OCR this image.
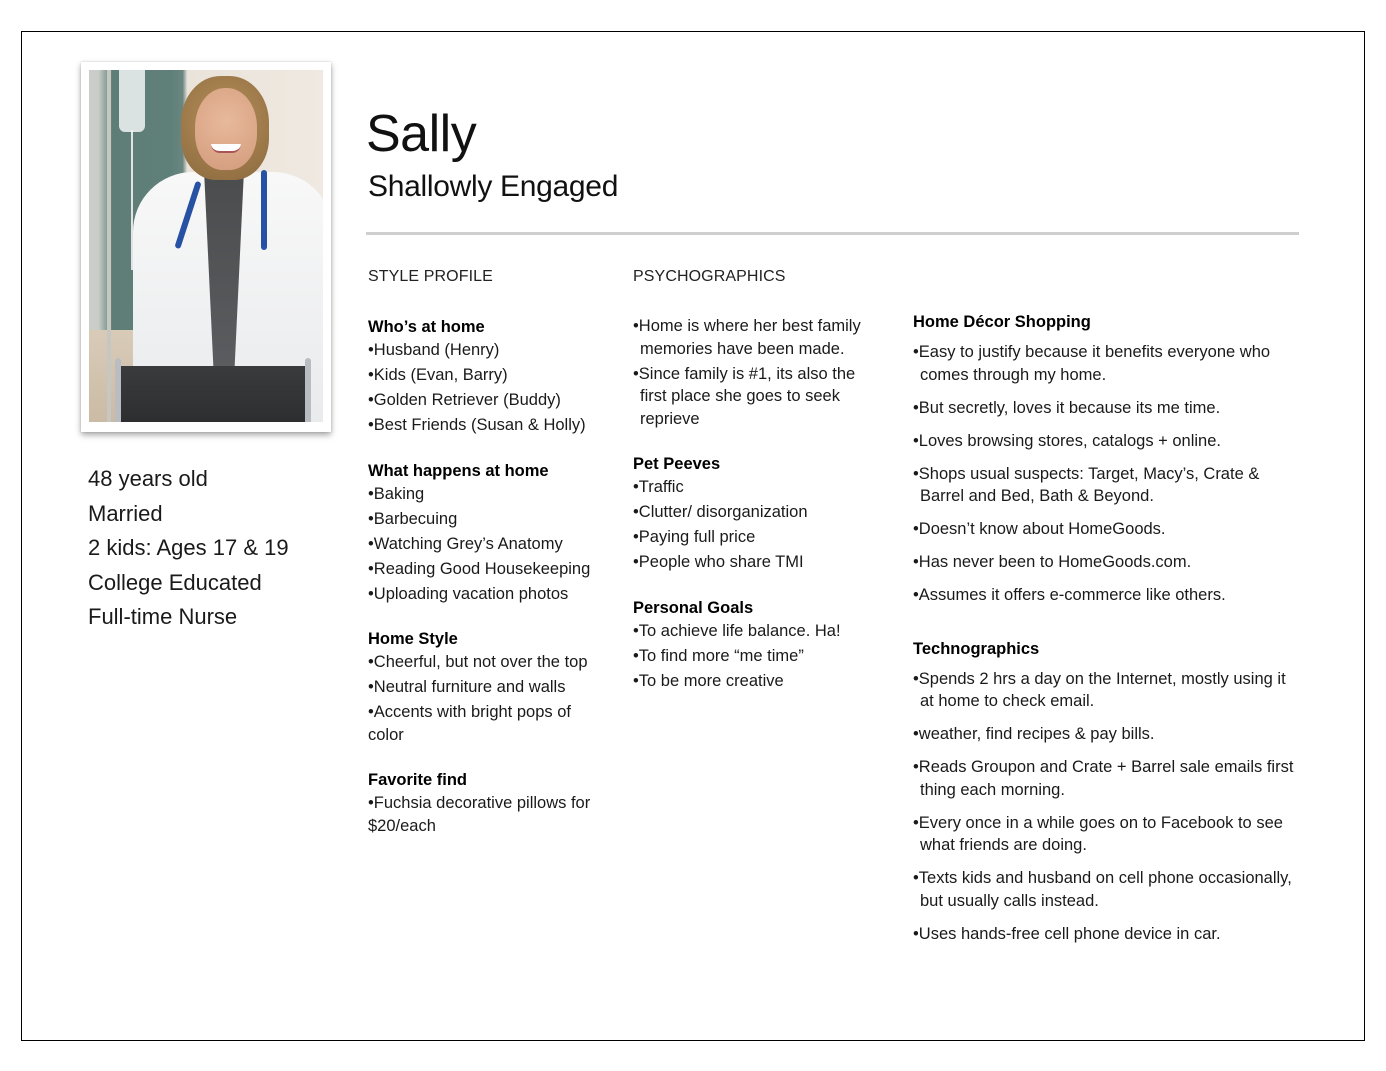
48 years old
Married
2 kids: Ages 17 & 19
College Educated
Full-time Nurse
Sally
Shallowly Engaged
STYLE PROFILE	PSYCHOGRAPHICS
Who’s at home
• Husband (Henry)
• Kids (Evan, Barry)
• Golden Retriever (Buddy)
• Best Friends (Susan & Holly)
What happens at home
• Baking
• Barbecuing
• Watching Grey’s Anatomy
• Reading Good Housekeeping
• Uploading vacation photos
Home Style
• Cheerful, but not over the top
• Neutral furniture and walls
• Accents with bright pops of color
Favorite find
• Fuchsia decorative pillows for $20/each
• Home is where her best family memories have been made.
• Since family is #1, its also the first place she goes to seek reprieve
Pet Peeves
• Traffic
• Clutter/ disorganization
• Paying full price
• People who share TMI
Personal Goals
• To achieve life balance. Ha!
• To find more “me time”
• To be more creative
Home Décor Shopping
• Easy to justify because it benefits everyone who comes through my home.
• But secretly, loves it because its me time.
• Loves browsing stores, catalogs + online.
• Shops usual suspects: Target, Macy’s, Crate & Barrel and Bed, Bath & Beyond.
• Doesn’t know about HomeGoods.
• Has never been to HomeGoods.com.
• Assumes it offers e-commerce like others.
Technographics
• Spends 2 hrs a day on the Internet, mostly using it at home to check email.
• weather, find recipes & pay bills.
• Reads Groupon and Crate + Barrel sale emails first thing each morning.
• Every once in a while goes on to Facebook to see what friends are doing.
• Texts kids and husband on cell phone occasionally, but usually calls instead.
• Uses hands-free cell phone device in car.
